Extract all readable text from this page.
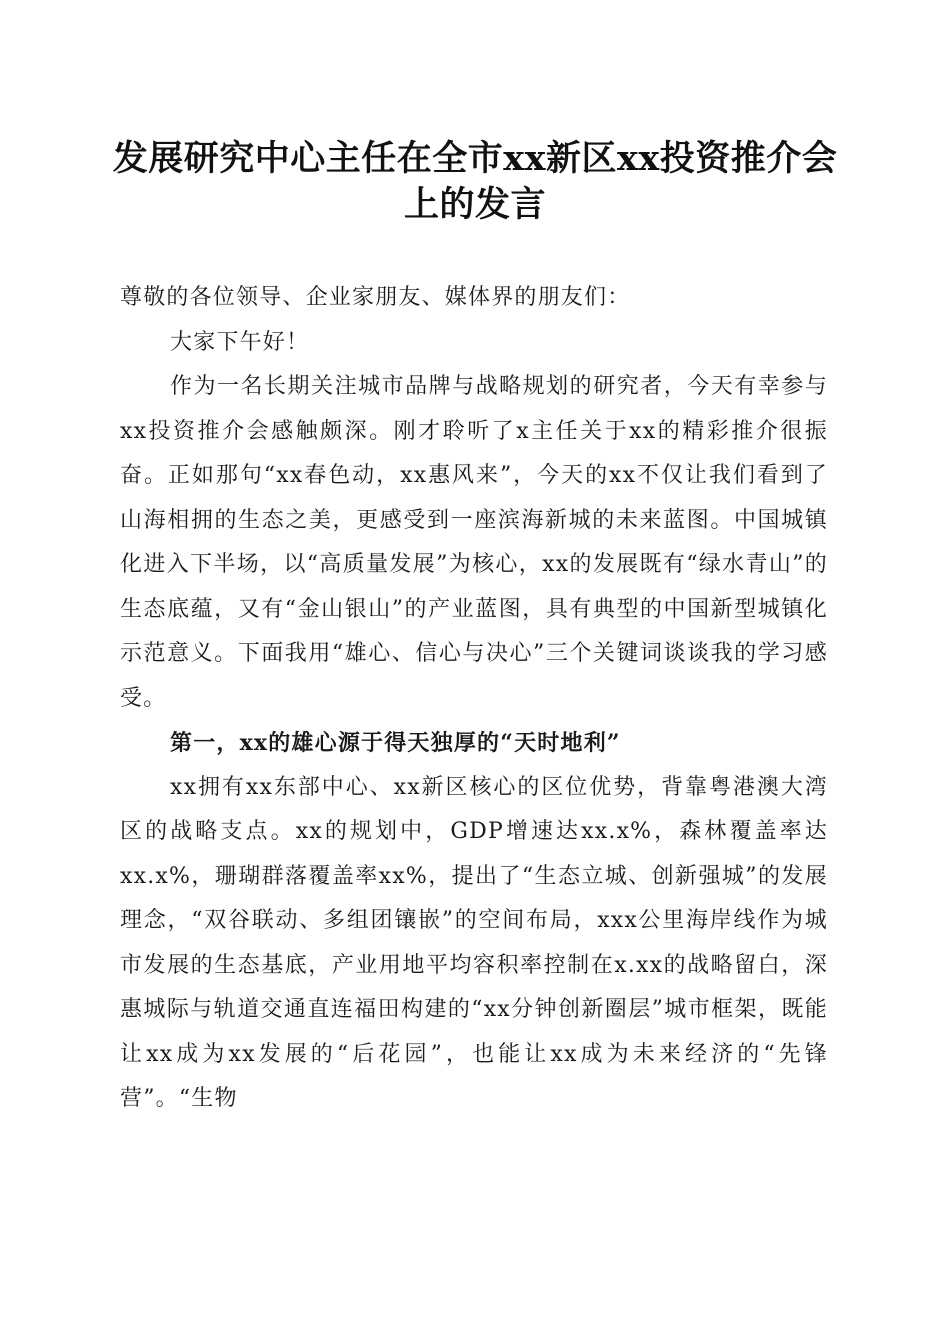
发展研究中心主任在全市xx新区xx投资推介会上的发言

尊敬的各位领导、企业家朋友、媒体界的朋友们：

大家下午好！

作为一名长期关注城市品牌与战略规划的研究者，今天有幸参与xx投资推介会感触颇深。刚才聆听了x主任关于xx的精彩推介很振奋。正如那句“xx春色动，xx惠风来”，今天的xx不仅让我们看到了山海相拥的生态之美，更感受到一座滨海新城的未来蓝图。中国城镇化进入下半场，以“高质量发展”为核心，xx的发展既有“绿水青山”的生态底蕴，又有“金山银山”的产业蓝图，具有典型的中国新型城镇化示范意义。下面我用“雄心、信心与决心”三个关键词谈谈我的学习感受。

第一，xx的雄心源于得天独厚的“天时地利”

xx拥有xx东部中心、xx新区核心的区位优势，背靠粤港澳大湾区的战略支点。xx的规划中，GDP增速达xx.x%，森林覆盖率达xx.x%，珊瑚群落覆盖率xx%，提出了“生态立城、创新强城”的发展理念，“双谷联动、多组团镶嵌”的空间布局，xxx公里海岸线作为城市发展的生态基底，产业用地平均容积率控制在x.xx的战略留白，深惠城际与轨道交通直连福田构建的“xx分钟创新圈层”城市框架，既能让xx成为xx发展的“后花园”，也能让xx成为未来经济的“先锋营”。“生物
